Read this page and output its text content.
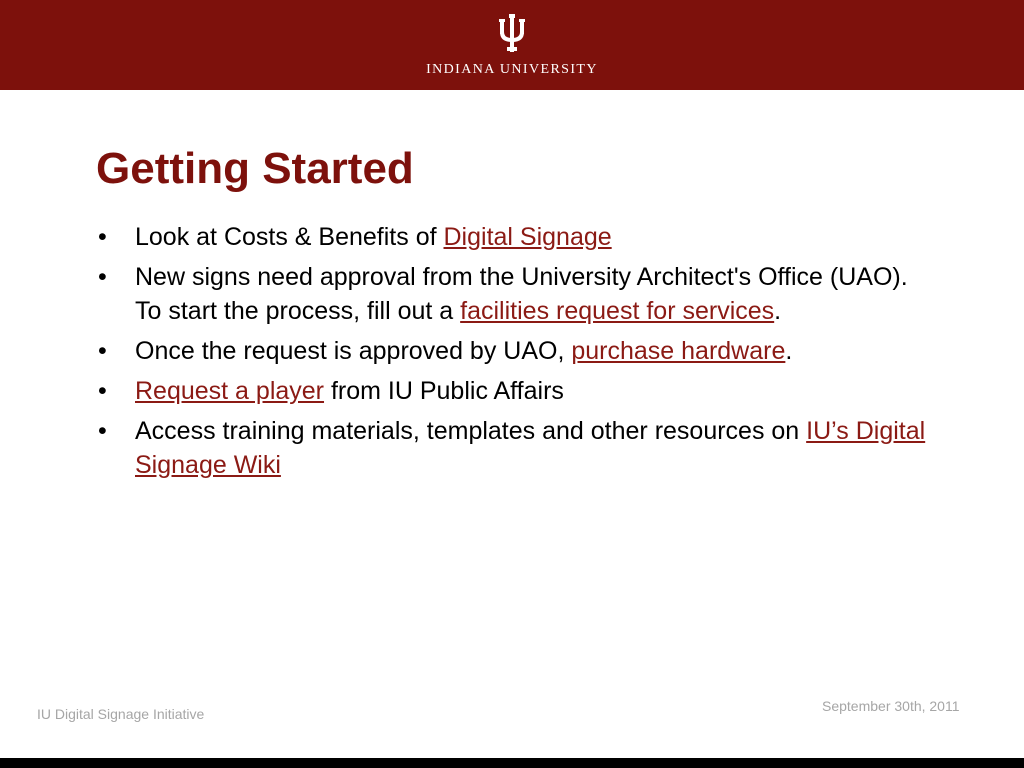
INDIANA UNIVERSITY
Getting Started
• Look at Costs & Benefits of Digital Signage
• New signs need approval from the University Architect's Office (UAO). To start the process, fill out a facilities request for services.
• Once the request is approved by UAO, purchase hardware.
• Request a player from IU Public Affairs
• Access training materials, templates and other resources on IU’s Digital Signage Wiki
IU Digital Signage Initiative	September 30th, 2011
